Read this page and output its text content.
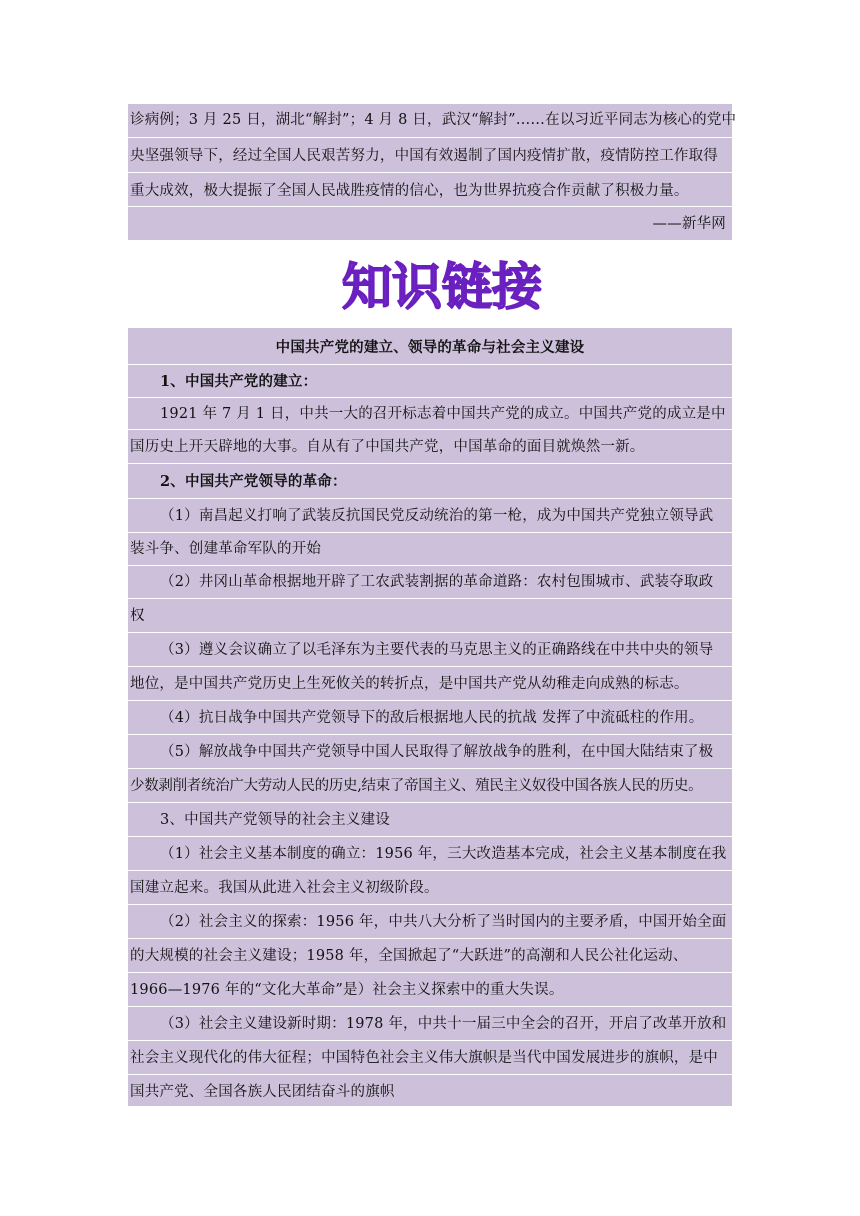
诊病例；3 月 25 日，湖北“解封”；4 月 8 日，武汉“解封”……在以习近平同志为核心的党中
央坚强领导下，经过全国人民艰苦努力，中国有效遏制了国内疫情扩散，疫情防控工作取得
重大成效，极大提振了全国人民战胜疫情的信心，也为世界抗疫合作贡献了积极力量。
——新华网
知识链接
中国共产党的建立、领导的革命与社会主义建设
1、中国共产党的建立：
1921 年 7 月 1 日，中共一大的召开标志着中国共产党的成立。中国共产党的成立是中
国历史上开天辟地的大事。自从有了中国共产党，中国革命的面目就焕然一新。
2、中国共产党领导的革命：
（1）南昌起义打响了武装反抗国民党反动统治的第一枪，成为中国共产党独立领导武
装斗争、创建革命军队的开始
（2）井冈山革命根据地开辟了工农武装割据的革命道路：农村包围城市、武装夺取政
权
（3）遵义会议确立了以毛泽东为主要代表的马克思主义的正确路线在中共中央的领导
地位，是中国共产党历史上生死攸关的转折点，是中国共产党从幼稚走向成熟的标志。
（4）抗日战争中国共产党领导下的敌后根据地人民的抗战 发挥了中流砥柱的作用。
（5）解放战争中国共产党领导中国人民取得了解放战争的胜利，在中国大陆结束了极
少数剥削者统治广大劳动人民的历史,结束了帝国主义、殖民主义奴役中国各族人民的历史。
3、中国共产党领导的社会主义建设
（1）社会主义基本制度的确立：1956 年，三大改造基本完成，社会主义基本制度在我
国建立起来。我国从此进入社会主义初级阶段。
（2）社会主义的探索：1956 年，中共八大分析了当时国内的主要矛盾，中国开始全面
的大规模的社会主义建设；1958 年，全国掀起了“大跃进”的高潮和人民公社化运动、
1966—1976 年的“文化大革命”是）社会主义探索中的重大失误。
（3）社会主义建设新时期：1978 年，中共十一届三中全会的召开，开启了改革开放和
社会主义现代化的伟大征程；中国特色社会主义伟大旗帜是当代中国发展进步的旗帜，是中
国共产党、全国各族人民团结奋斗的旗帜
